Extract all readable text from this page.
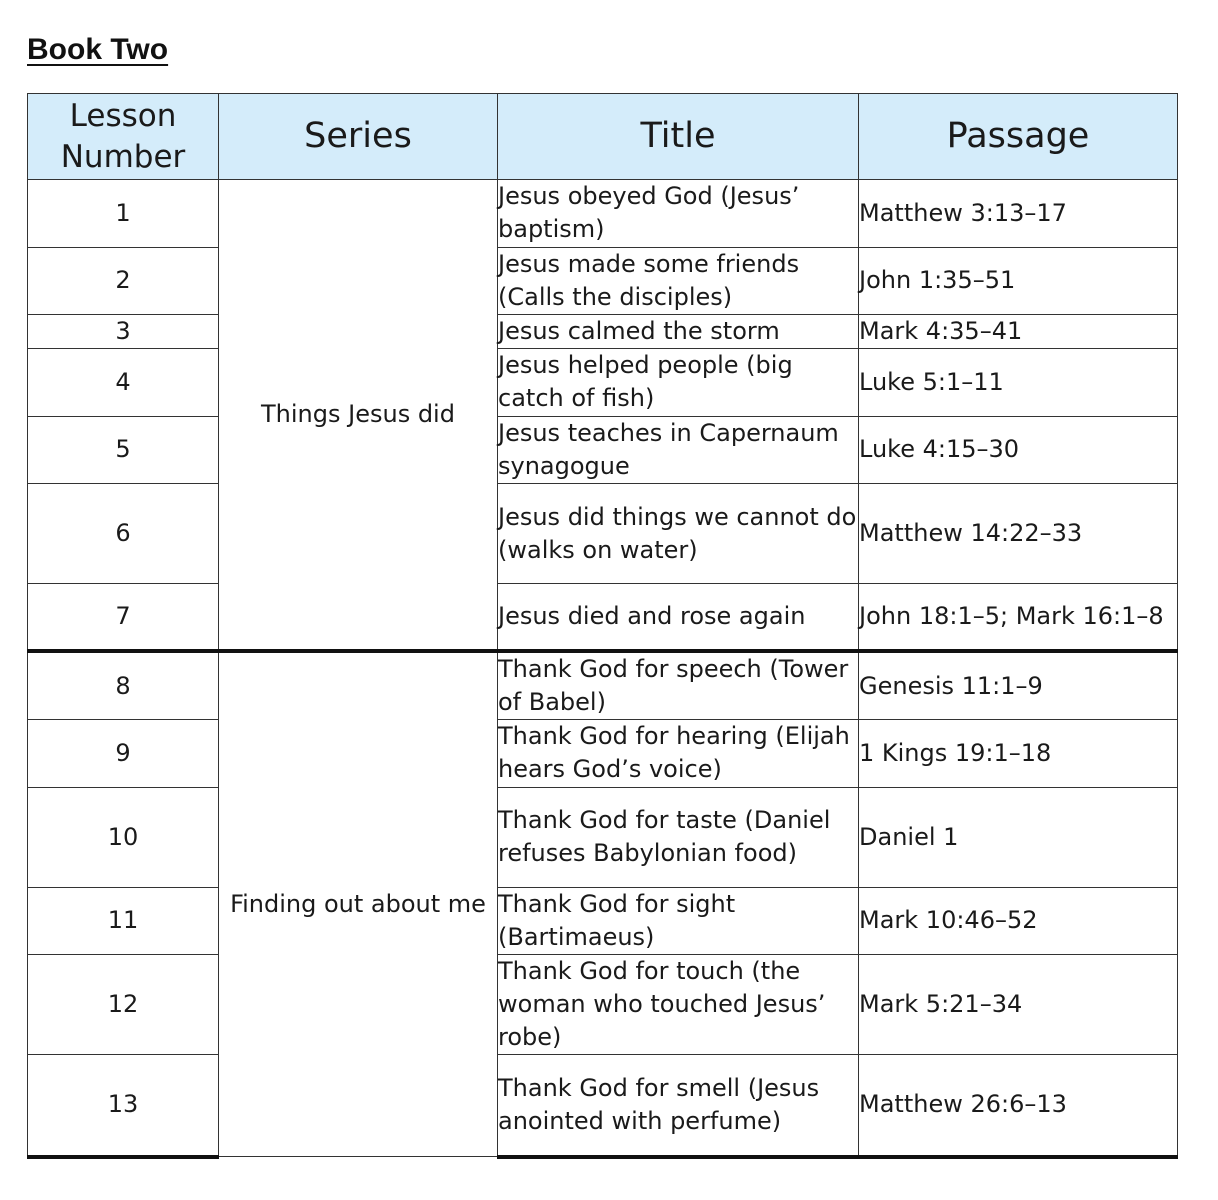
Book Two
Lesson Number	Series	Title	Passage
1	Things Jesus did	Jesus obeyed God (Jesus’ baptism)	Matthew 3:13–17
2		Jesus made some friends (Calls the disciples)	John 1:35–51
3		Jesus calmed the storm	Mark 4:35–41
4		Jesus helped people (big catch of fish)	Luke 5:1–11
5		Jesus teaches in Capernaum synagogue	Luke 4:15–30
6		Jesus did things we cannot do (walks on water)	Matthew 14:22–33
7		Jesus died and rose again	John 18:1–5; Mark 16:1–8
8	Finding out about me	Thank God for speech (Tower of Babel)	Genesis 11:1–9
9		Thank God for hearing (Elijah hears God’s voice)	1 Kings 19:1–18
10		Thank God for taste (Daniel refuses Babylonian food)	Daniel 1
11		Thank God for sight (Bartimaeus)	Mark 10:46–52
12		Thank God for touch (the woman who touched Jesus’ robe)	Mark 5:21–34
13		Thank God for smell (Jesus anointed with perfume)	Matthew 26:6–13
